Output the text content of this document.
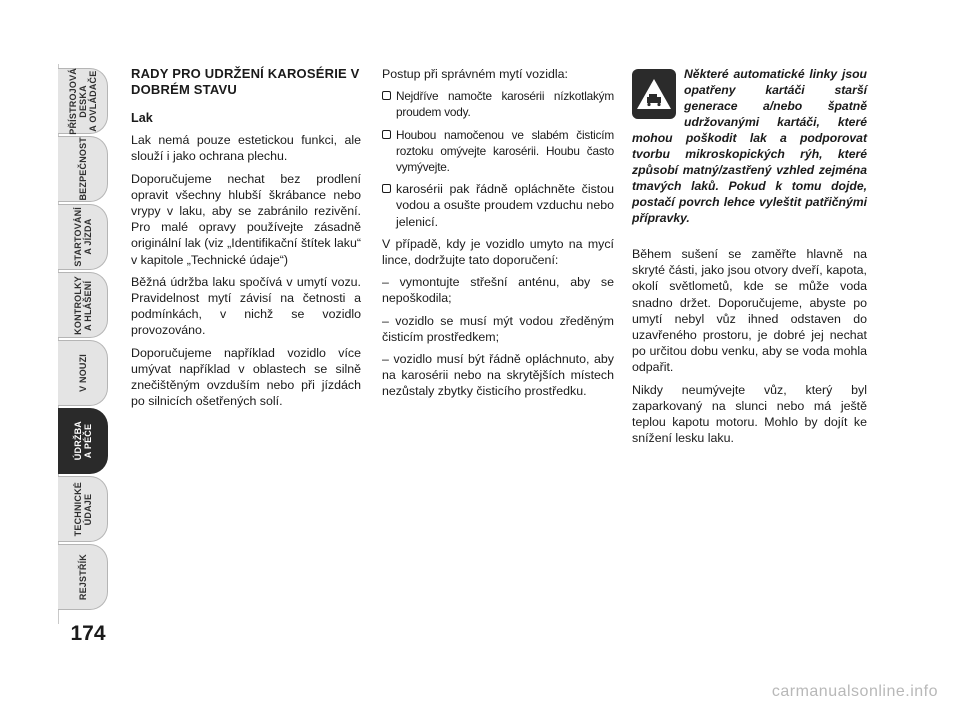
PŘÍSTROJOVÁ
DESKA
A OVLÁDAČE
BEZPEČNOST
STARTOVÁNÍ
A JÍZDA
KONTROLKY
A HLÁŠENÍ
V NOUZI
ÚDRŽBA
A PÉČE
TECHNICKÉ
ÚDAJE
REJSTŘÍK
174
RADY PRO UDRŽENÍ KAROSÉRIE V DOBRÉM STAVU
Lak

Lak nemá pouze estetickou funkci, ale slouží i jako ochrana plechu.

Doporučujeme nechat bez prodlení opravit všechny hlubší škrábance nebo vrypy v laku, aby se zabránilo rezivění. Pro malé opravy používejte zásadně originální lak (viz „Identifikační štítek laku“ v kapitole „Technické údaje“)

Běžná údržba laku spočívá v umytí vozu. Pravidelnost mytí závisí na četnosti a podmínkách, v nichž se vozidlo provozováno.

Doporučujeme například vozidlo více umývat například v oblastech se silně znečištěným ovzduším nebo při jízdách po silnicích ošetřených solí.

Postup při správném mytí vozidla:

Nejdříve namočte karosérii nízkotlakým proudem vody.
Houbou namočenou ve slabém čisticím roztoku omývejte karosérii. Houbu často vymývejte.
karosérii pak řádně opláchněte čistou vodou a osušte proudem vzduchu nebo jelenicí.

V případě, kdy je vozidlo umyto na mycí lince, dodržujte tato doporučení:

– vymontujte střešní anténu, aby se nepoškodila;

– vozidlo se musí mýt vodou zředěným čisticím prostředkem;

– vozidlo musí být řádně opláchnuto, aby na karosérii nebo na skrytějších místech nezůstaly zbytky čisticího prostředku.

Některé automatické linky jsou opatřeny kartáči starší generace a/nebo špatně udržovanými kartáči, které mohou poškodit lak a podporovat tvorbu mikroskopických rýh, které způsobí matný/zastřený vzhled zejména tmavých laků. Pokud k tomu dojde, postačí povrch lehce vyleštit patřičnými přípravky.

Během sušení se zaměřte hlavně na skryté části, jako jsou otvory dveří, kapota, okolí světlometů, kde se může voda snadno držet. Doporučujeme, abyste po umytí nebyl vůz ihned odstaven do uzavřeného prostoru, je dobré jej nechat po určitou dobu venku, aby se voda mohla odpařit.

Nikdy neumývejte vůz, který byl zaparkovaný na slunci nebo má ještě teplou kapotu motoru. Mohlo by dojít ke snížení lesku laku.

carmanualsonline.info
